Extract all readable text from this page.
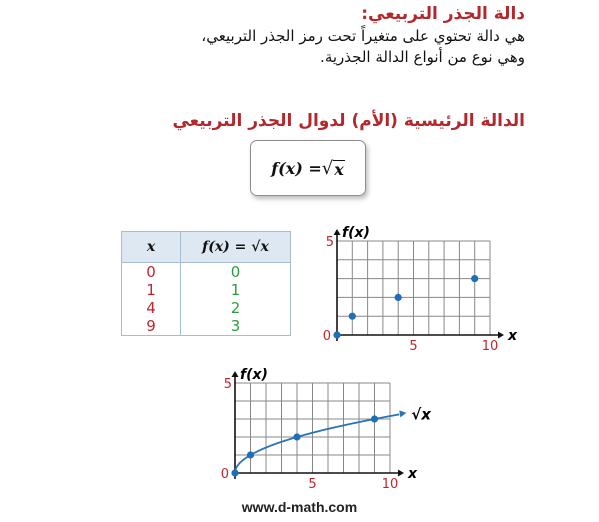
دالة الجذر التربيعي:
هي دالة تحتوي على متغيراً تحت رمز الجذر التربيعي،
وهي نوع من أنواع الدالة الجذرية.
الدالة الرئيسية (الأم) لدوال الجذر التربيعي
f(x) = √ x
x	f(x) = √x
0	0
1	1
4	2
9	3
f(x)
x
0
5	10
5
f(x)
x
0
5	10
5
√x
www.d-math.com
